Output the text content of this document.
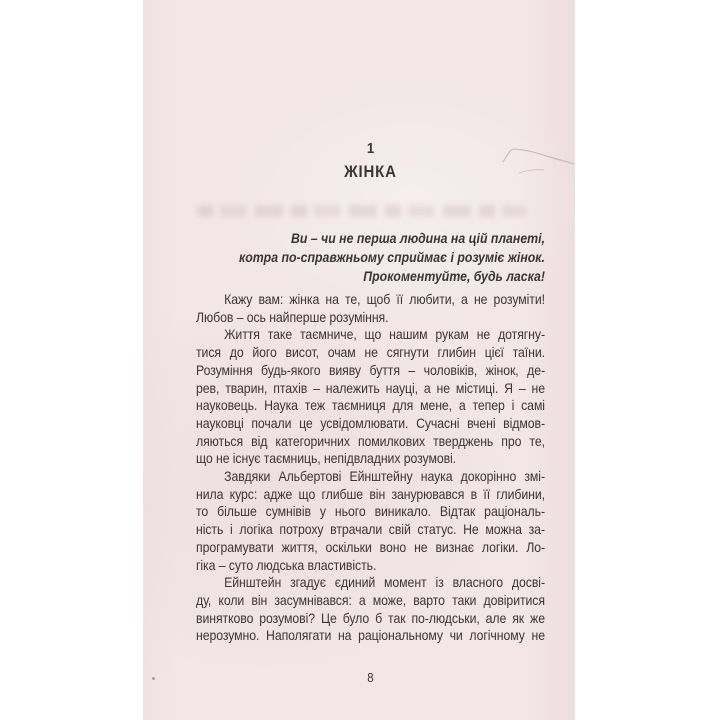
1
ЖІНКА
Ви – чи не перша людина на цій планеті,
котра по-справжньому сприймає і розуміє жінок.
Прокоментуйте, будь ласка!
Кажу вам: жінка на те, щоб її любити, а не розуміти!
Любов – ось найперше розуміння.
Життя таке таємниче, що нашим рукам не дотягну-
тися до його висот, очам не сягнути глибин цієї таїни.
Розуміння будь-якого вияву буття – чоловіків, жінок, де-
рев, тварин, птахів – належить науці, а не містиці. Я – не
науковець. Наука теж таємниця для мене, а тепер і самі
науковці почали це усвідомлювати. Сучасні вчені відмов-
ляються від категоричних помилкових тверджень про те,
що не існує таємниць, непідвладних розумові.
Завдяки Альбертові Ейнштейну наука докорінно змі-
нила курс: адже що глибше він занурювався в її глибини,
то більше сумнівів у нього виникало. Відтак раціональ-
ність і логіка потроху втрачали свій статус. Не можна за-
програмувати життя, оскільки воно не визнає логіки. Ло-
гіка – суто людська властивість.
Ейнштейн згадує єдиний момент із власного досві-
ду, коли він засумнівався: а може, варто таки довіритися
винятково розумові? Це було б так по-людськи, але як же
нерозумно. Наполягати на раціональному чи логічному не
8
